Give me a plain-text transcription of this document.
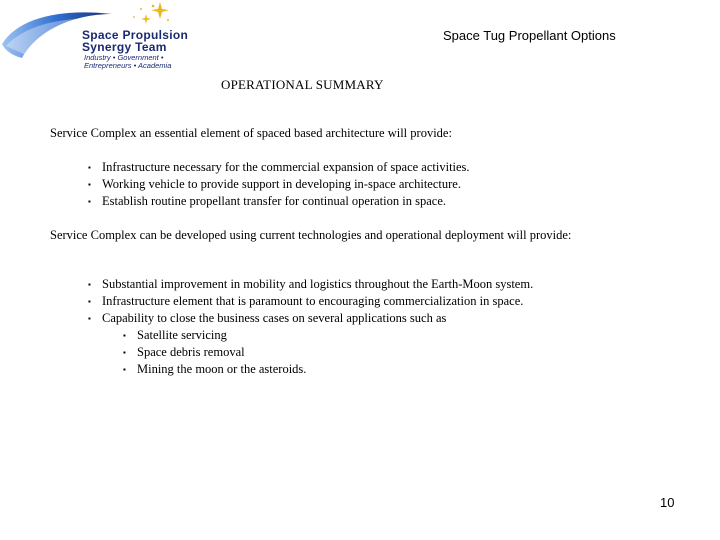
Space Propulsion
Synergy Team
Industry • Government •
Entrepreneurs • Academia
Space Tug Propellant Options
OPERATIONAL SUMMARY
Service Complex an essential element of spaced based architecture will provide:
▪ Infrastructure necessary for the commercial expansion of space activities.
▪ Working vehicle to provide support in developing in-space architecture.
▪ Establish routine propellant transfer for continual operation in space.
Service Complex can be developed using current technologies and operational deployment will provide:
▪ Substantial improvement in mobility and logistics throughout the Earth-Moon system.
▪ Infrastructure element that is paramount to encouraging commercialization in space.
▪ Capability to close the business cases on several applications such as
▪ Satellite servicing
▪ Space debris removal
▪ Mining the moon or the asteroids.
10
